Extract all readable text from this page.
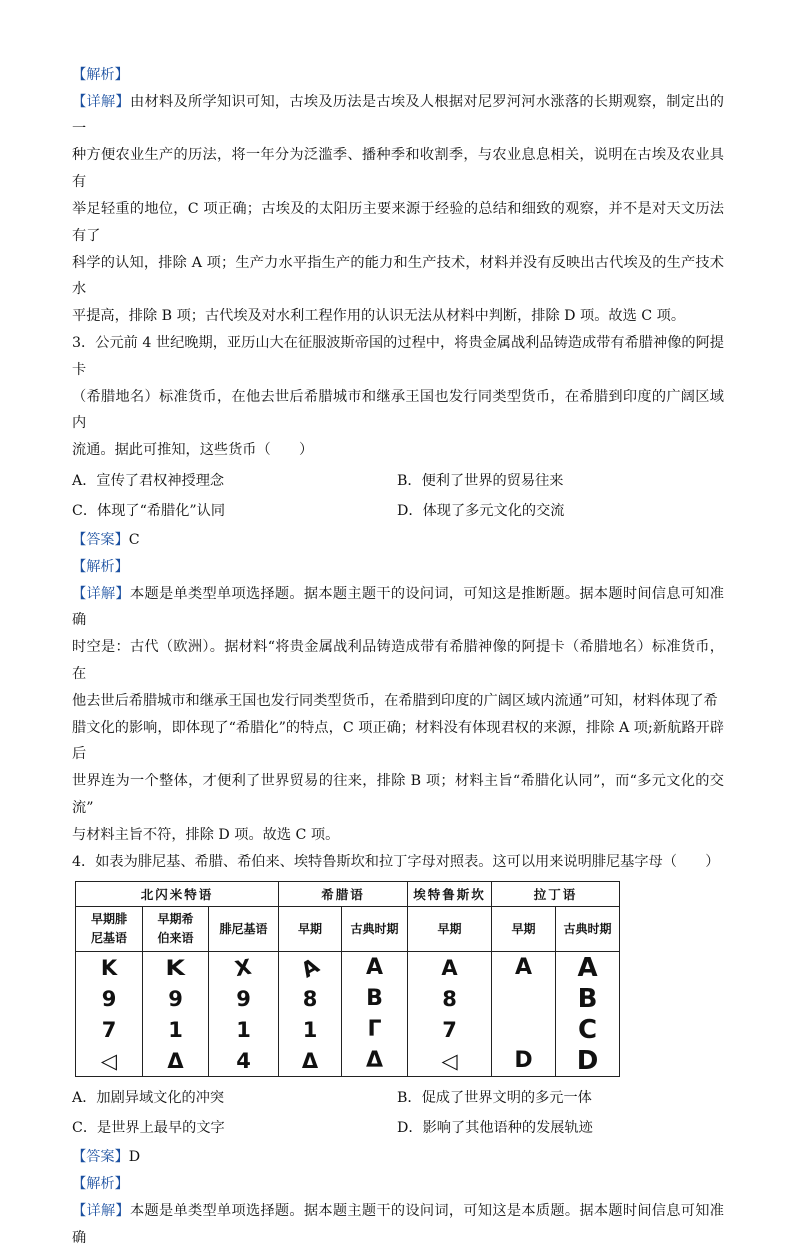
【解析】

【详解】由材料及所学知识可知，古埃及历法是古埃及人根据对尼罗河河水涨落的长期观察，制定出的一
种方便农业生产的历法，将一年分为泛滥季、播种季和收割季，与农业息息相关，说明在古埃及农业具有
举足轻重的地位，C 项正确；古埃及的太阳历主要来源于经验的总结和细致的观察，并不是对天文历法有了
科学的认知，排除 A 项；生产力水平指生产的能力和生产技术，材料并没有反映出古代埃及的生产技术水
平提高，排除 B 项；古代埃及对水利工程作用的认识无法从材料中判断，排除 D 项。故选 C 项。

3．公元前 4 世纪晚期，亚历山大在征服波斯帝国的过程中，将贵金属战利品铸造成带有希腊神像的阿提卡
（希腊地名）标准货币，在他去世后希腊城市和继承王国也发行同类型货币，在希腊到印度的广阔区域内
流通。据此可推知，这些货币（　　）

A．宣传了君权神授理念	B．便利了世界的贸易往来
C．体现了“希腊化”认同	D．体现了多元文化的交流

【答案】C

【解析】

【详解】本题是单类型单项选择题。据本题主题干的设问词，可知这是推断题。据本题时间信息可知准确
时空是：古代（欧洲）。据材料“将贵金属战利品铸造成带有希腊神像的阿提卡（希腊地名）标准货币，在
他去世后希腊城市和继承王国也发行同类型货币，在希腊到印度的广阔区域内流通”可知，材料体现了希
腊文化的影响，即体现了“希腊化”的特点，C 项正确；材料没有体现君权的来源，排除 A 项;新航路开辟后
世界连为一个整体，才便利了世界贸易的往来，排除 B 项；材料主旨“希腊化认同”，而“多元文化的交流”
与材料主旨不符，排除 D 项。故选 C 项。

4．如表为腓尼基、希腊、希伯来、埃特鲁斯坎和拉丁字母对照表。这可以用来说明腓尼基字母（　　）

北闪米特语			希腊语		埃特鲁斯坎	拉丁语	
早期腓尼基语	早期希伯来语	腓尼基语	早期	古典时期	早期	早期	古典时期
K	K	X	A	A	A	A	A
9	9	9	8	B	8		B
7	1	1	1	Γ	7		C
◁	Δ	4	Δ	Δ	◁	D	D
A．加剧异域文化的冲突	B．促成了世界文明的多元一体
C．是世界上最早的文字	D．影响了其他语种的发展轨迹

【答案】D

【解析】

【详解】本题是单类型单项选择题。据本题主题干的设问词，可知这是本质题。据本题时间信息可知准确
